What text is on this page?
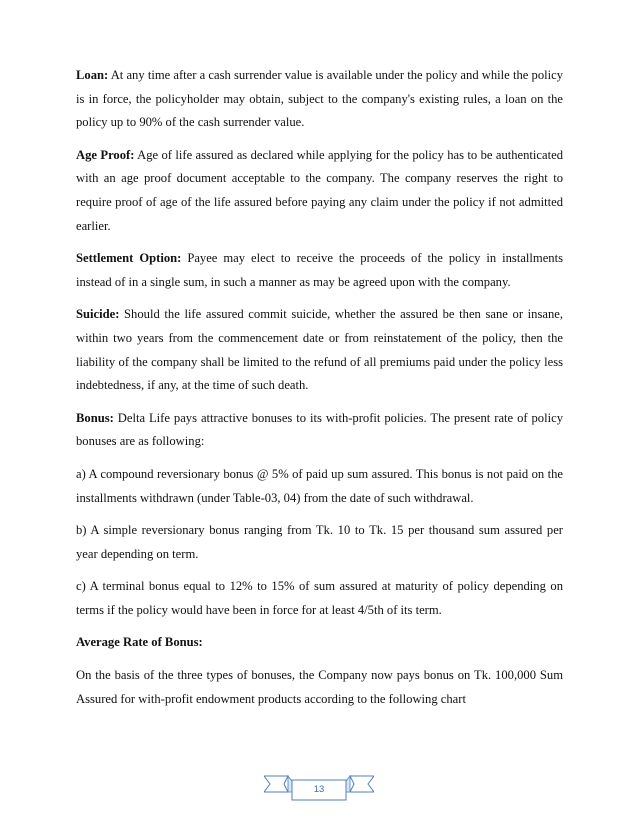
Loan: At any time after a cash surrender value is available under the policy and while the policy is in force, the policyholder may obtain, subject to the company's existing rules, a loan on the policy up to 90% of the cash surrender value.

Age Proof: Age of life assured as declared while applying for the policy has to be authenticated with an age proof document acceptable to the company. The company reserves the right to require proof of age of the life assured before paying any claim under the policy if not admitted earlier.

Settlement Option: Payee may elect to receive the proceeds of the policy in installments instead of in a single sum, in such a manner as may be agreed upon with the company.

Suicide: Should the life assured commit suicide, whether the assured be then sane or insane, within two years from the commencement date or from reinstatement of the policy, then the liability of the company shall be limited to the refund of all premiums paid under the policy less indebtedness, if any, at the time of such death.

Bonus: Delta Life pays attractive bonuses to its with-profit policies. The present rate of policy bonuses are as following:

a) A compound reversionary bonus @ 5% of paid up sum assured. This bonus is not paid on the installments withdrawn (under Table-03, 04) from the date of such withdrawal.

b) A simple reversionary bonus ranging from Tk. 10 to Tk. 15 per thousand sum assured per year depending on term.

c) A terminal bonus equal to 12% to 15% of sum assured at maturity of policy depending on terms if the policy would have been in force for at least 4/5th of its term.

Average Rate of Bonus:

On the basis of the three types of bonuses, the Company now pays bonus on Tk. 100,000 Sum Assured for with-profit endowment products according to the following chart

13
